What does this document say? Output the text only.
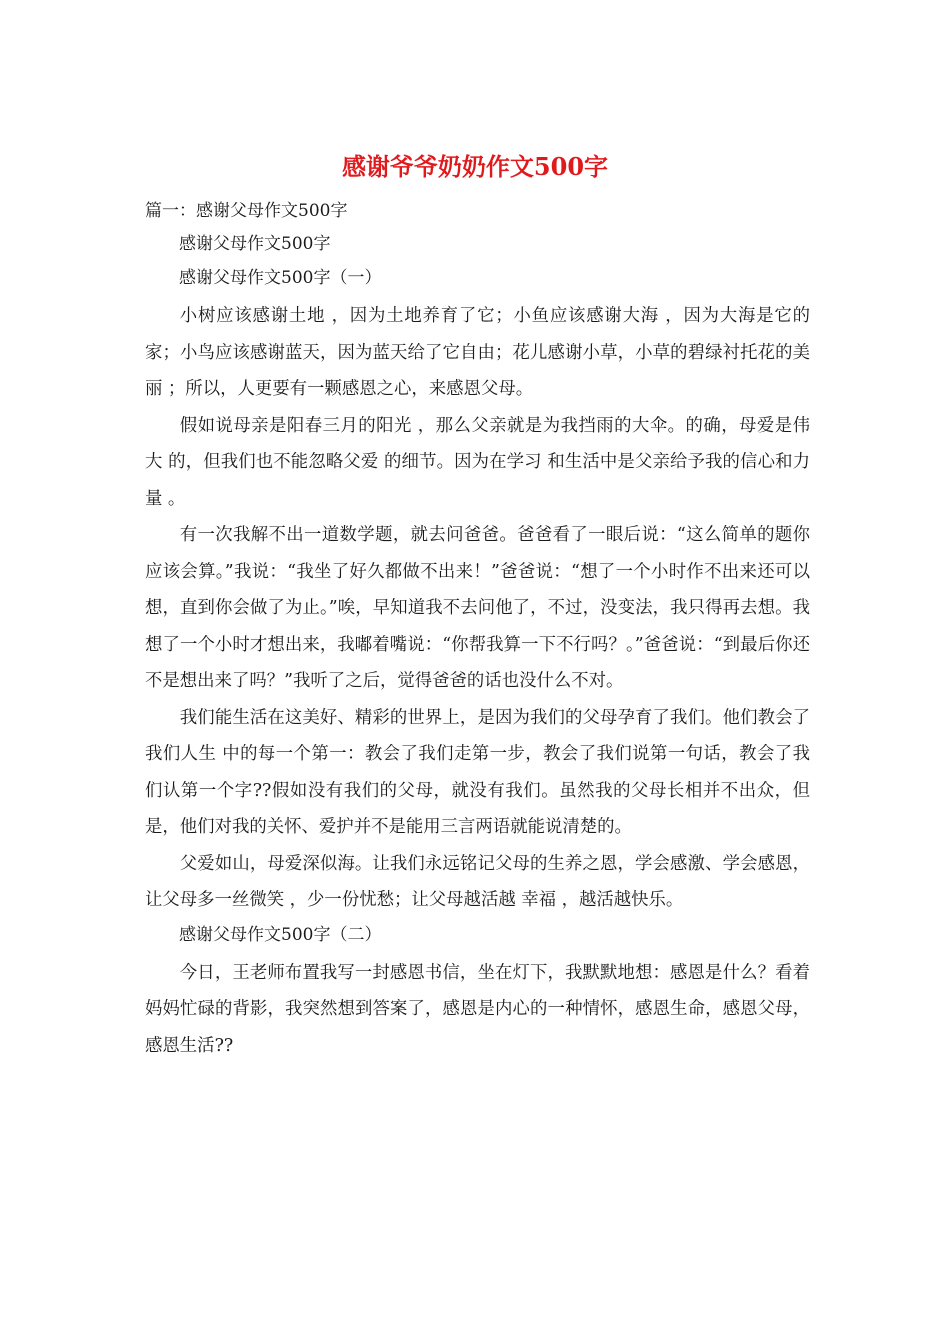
感谢爷爷奶奶作文500字

篇一：感谢父母作文500字

感谢父母作文500字

感谢父母作文500字（一）

小树应该感谢土地 ，因为土地养育了它；小鱼应该感谢大海 ，因为大海是它的家；小鸟应该感谢蓝天，因为蓝天给了它自由；花儿感谢小草，小草的碧绿衬托花的美丽 ；所以，人更要有一颗感恩之心，来感恩父母。

假如说母亲是阳春三月的阳光 ，那么父亲就是为我挡雨的大伞。的确，母爱是伟大 的，但我们也不能忽略父爱 的细节。因为在学习 和生活中是父亲给予我的信心和力量 。

有一次我解不出一道数学题，就去问爸爸。爸爸看了一眼后说：“这么简单的题你应该会算。”我说：“我坐了好久都做不出来！”爸爸说：“想了一个小时作不出来还可以想，直到你会做了为止。”唉，早知道我不去问他了，不过，没变法，我只得再去想。我想了一个小时才想出来，我嘟着嘴说：“你帮我算一下不行吗？。”爸爸说：“到最后你还不是想出来了吗？”我听了之后，觉得爸爸的话也没什么不对。

我们能生活在这美好、精彩的世界上，是因为我们的父母孕育了我们。他们教会了我们人生 中的每一个第一：教会了我们走第一步，教会了我们说第一句话，教会了我们认第一个字??假如没有我们的父母，就没有我们。虽然我的父母长相并不出众，但是，他们对我的关怀、爱护并不是能用三言两语就能说清楚的。

父爱如山，母爱深似海。让我们永远铭记父母的生养之恩，学会感激、学会感恩，让父母多一丝微笑 ，少一份忧愁；让父母越活越 幸福 ，越活越快乐。

感谢父母作文500字（二）

今日，王老师布置我写一封感恩书信，坐在灯下，我默默地想：感恩是什么？看着妈妈忙碌的背影，我突然想到答案了，感恩是内心的一种情怀，感恩生命，感恩父母，感恩生活??
